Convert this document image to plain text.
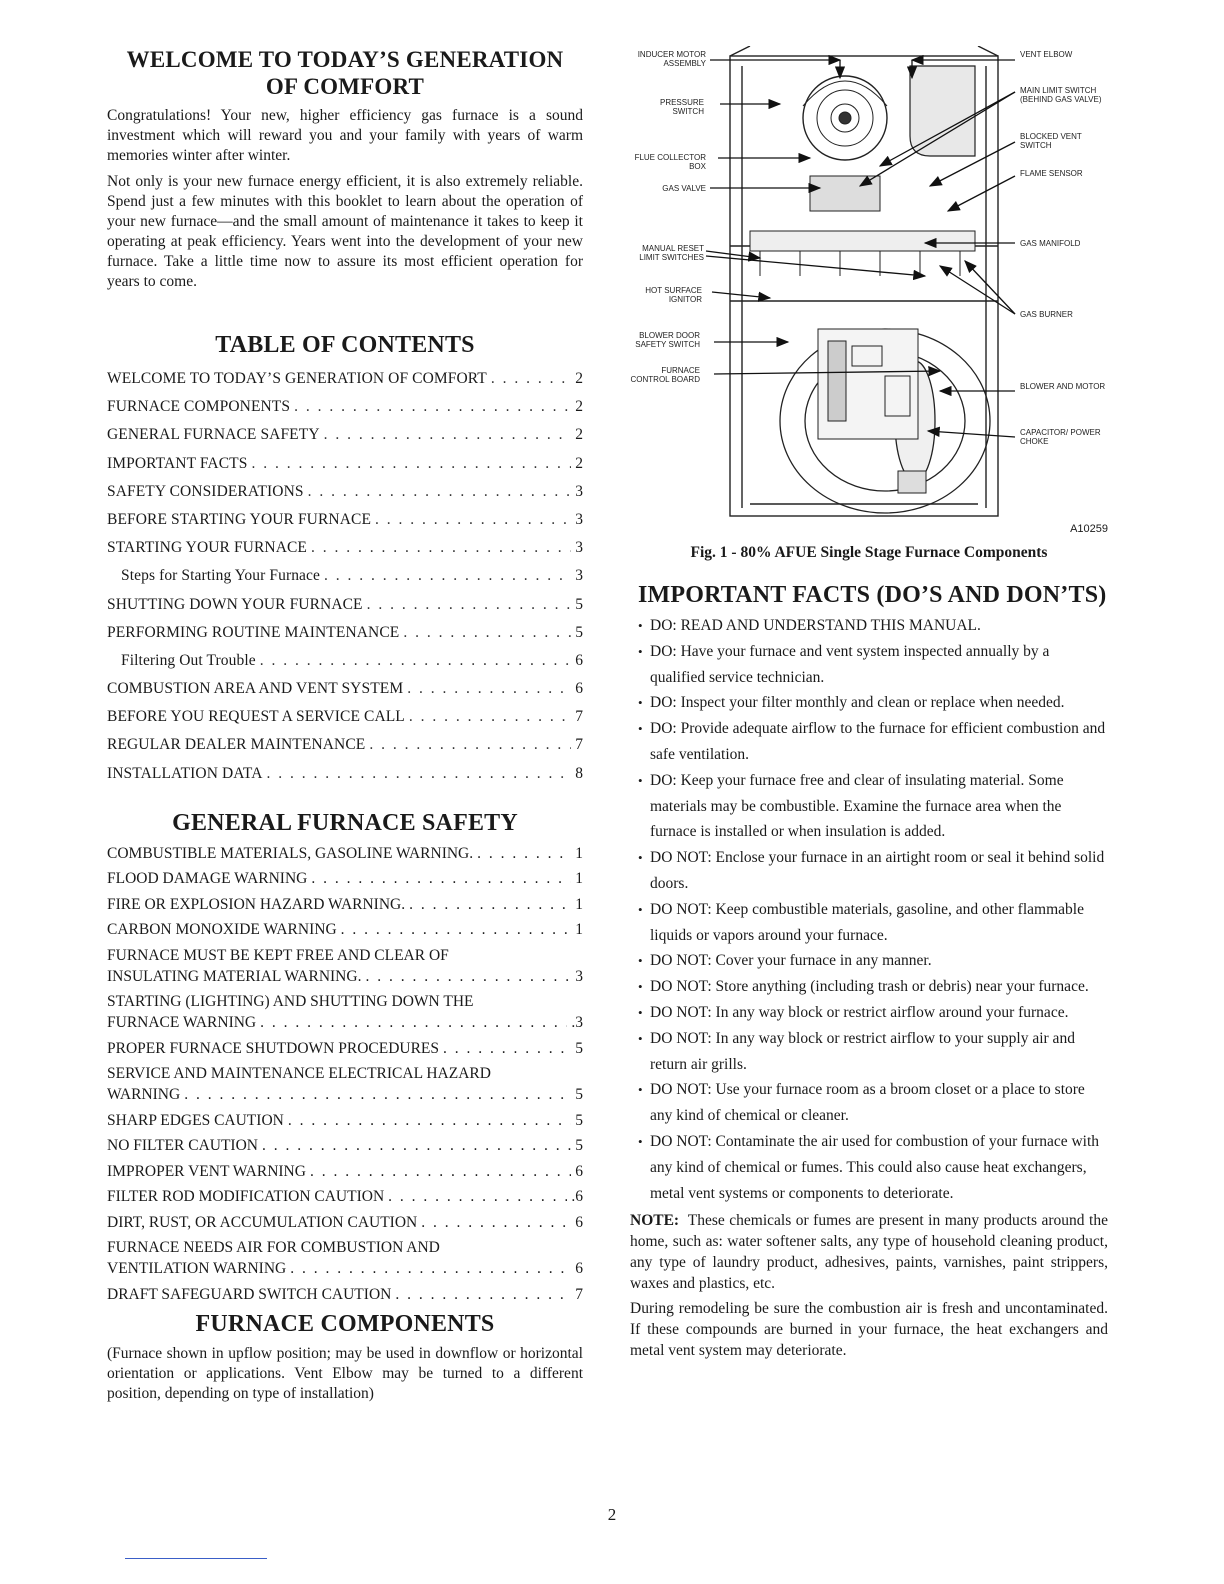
WELCOME TO TODAY’S GENERATION
OF COMFORT

Congratulations! Your new, higher efficiency gas furnace is a sound investment which will reward you and your family with years of warm memories winter after winter.

Not only is your new furnace energy efficient, it is also extremely reliable. Spend just a few minutes with this booklet to learn about the operation of your new furnace—and the small amount of maintenance it takes to keep it operating at peak efficiency. Years went into the development of your new furnace. Take a little time now to assure its most efficient operation for years to come.

TABLE OF CONTENTS
WELCOME TO TODAY’S GENERATION OF COMFORT . . .	2
FURNACE COMPONENTS . . .	2
GENERAL FURNACE SAFETY . . .	2
IMPORTANT FACTS . . .	2
SAFETY CONSIDERATIONS . . .	3
BEFORE STARTING YOUR FURNACE . . .	3
STARTING YOUR FURNACE . . .	3
Steps for Starting Your Furnace . . .	3
SHUTTING DOWN YOUR FURNACE . . .	5
PERFORMING ROUTINE MAINTENANCE . . .	5
Filtering Out Trouble . . .	6
COMBUSTION AREA AND VENT SYSTEM . . .	6
BEFORE YOU REQUEST A SERVICE CALL . . .	7
REGULAR DEALER MAINTENANCE . . .	7
INSTALLATION DATA . . .	8
GENERAL FURNACE SAFETY
COMBUSTIBLE MATERIALS, GASOLINE WARNING. . . .	1
FLOOD DAMAGE WARNING . . .	1
FIRE OR EXPLOSION HAZARD WARNING. . . .	1
CARBON MONOXIDE WARNING . . .	1
FURNACE MUST BE KEPT FREE AND CLEAR OF
INSULATING MATERIAL WARNING. . . .	3
STARTING (LIGHTING) AND SHUTTING DOWN THE
FURNACE WARNING . . .	.3
PROPER FURNACE SHUTDOWN PROCEDURES . . .	5
SERVICE AND MAINTENANCE ELECTRICAL HAZARD
WARNING . . .	5
SHARP EDGES CAUTION . . .	5
NO FILTER CAUTION . . .	5
IMPROPER VENT WARNING . . .	6
FILTER ROD MODIFICATION CAUTION . . .	.6
DIRT, RUST, OR ACCUMULATION CAUTION . . .	6
FURNACE NEEDS AIR FOR COMBUSTION AND
VENTILATION WARNING . . .	6
DRAFT SAFEGUARD SWITCH CAUTION . . .	7
FURNACE COMPONENTS

(Furnace shown in upflow position; may be used in downflow or horizontal orientation or applications. Vent Elbow may be turned to a different position, depending on type of installation)

INDUCER MOTOR ASSEMBLY
PRESSURE SWITCH
FLUE COLLECTOR BOX
GAS VALVE
MANUAL RESET LIMIT SWITCHES
HOT SURFACE IGNITOR
BLOWER DOOR SAFETY SWITCH
FURNACE CONTROL BOARD
VENT ELBOW
MAIN LIMIT SWITCH (BEHIND GAS VALVE)
BLOCKED VENT SWITCH
FLAME SENSOR
GAS MANIFOLD
GAS BURNER
BLOWER AND MOTOR
CAPACITOR/ POWER CHOKE
A10259
Fig. 1 - 80% AFUE Single Stage Furnace Components
IMPORTANT FACTS (DO’S AND DON’TS)
• DO: READ AND UNDERSTAND THIS MANUAL.
• DO: Have your furnace and vent system inspected annually by a qualified service technician.
• DO: Inspect your filter monthly and clean or replace when needed.
• DO: Provide adequate airflow to the furnace for efficient combustion and safe ventilation.
• DO: Keep your furnace free and clear of insulating material. Some materials may be combustible. Examine the furnace area when the furnace is installed or when insulation is added.
• DO NOT: Enclose your furnace in an airtight room or seal it behind solid doors.
• DO NOT: Keep combustible materials, gasoline, and other flammable liquids or vapors around your furnace.
• DO NOT: Cover your furnace in any manner.
• DO NOT: Store anything (including trash or debris) near your furnace.
• DO NOT: In any way block or restrict airflow around your furnace.
• DO NOT: In any way block or restrict airflow to your supply air and return air grills.
• DO NOT: Use your furnace room as a broom closet or a place to store any kind of chemical or cleaner.
• DO NOT: Contaminate the air used for combustion of your furnace with any kind of chemical or fumes. This could also cause heat exchangers, metal vent systems or components to deteriorate.

NOTE: These chemicals or fumes are present in many products around the home, such as: water softener salts, any type of household cleaning product, any type of laundry product, adhesives, paints, varnishes, paint strippers, waxes and plastics, etc.

During remodeling be sure the combustion air is fresh and uncontaminated. If these compounds are burned in your furnace, the heat exchangers and metal vent system may deteriorate.

2
